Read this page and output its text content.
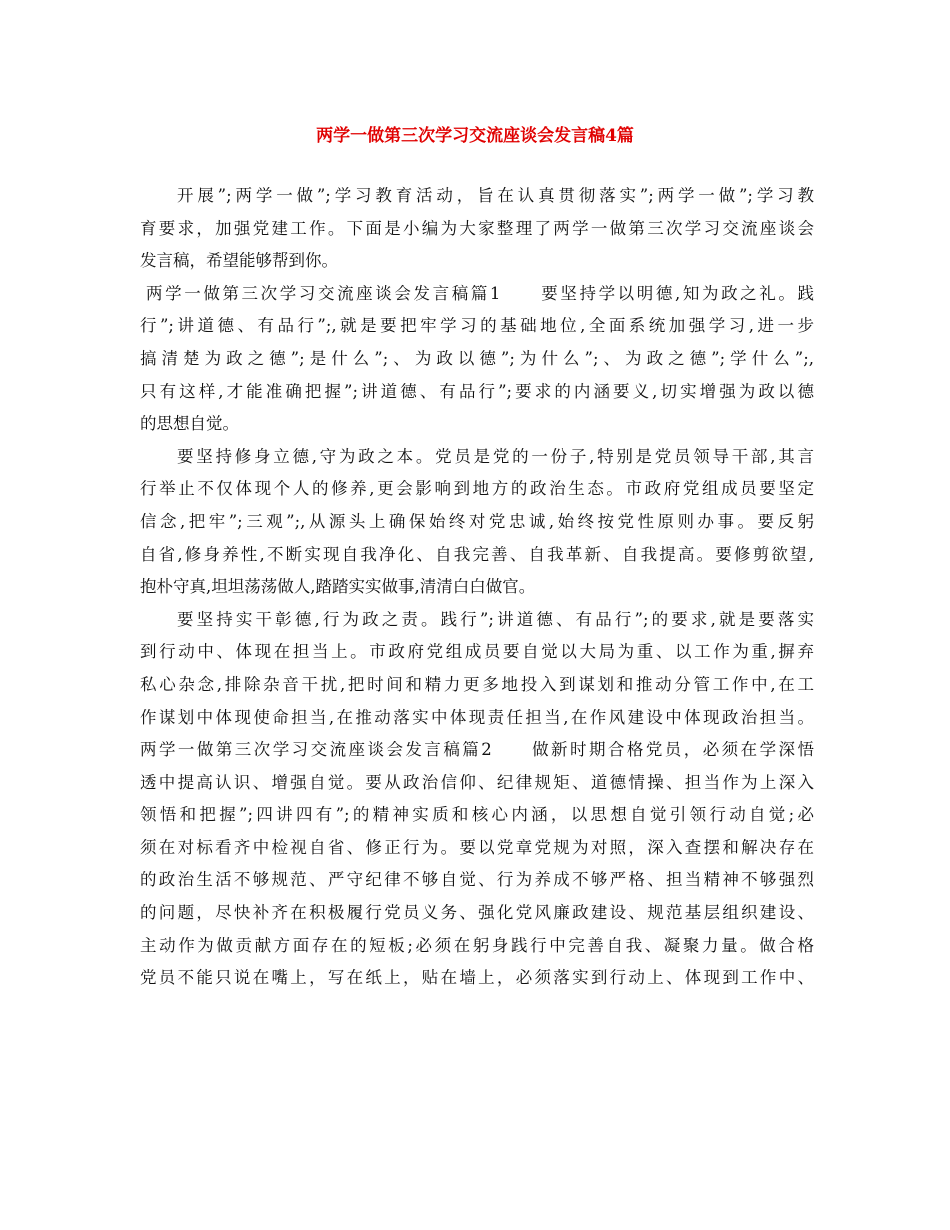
两学一做第三次学习交流座谈会发言稿4篇
开展”;两学一做”;学习教育活动，旨在认真贯彻落实”;两学一做”;学习教
育要求，加强党建工作。下面是小编为大家整理了两学一做第三次学习交流座谈会
发言稿，希望能够帮到你。
两学一做第三次学习交流座谈会发言稿篇1　　要坚持学以明德,知为政之礼。践
行”;讲道德、有品行”;,就是要把牢学习的基础地位,全面系统加强学习,进一步
搞清楚为政之德”;是什么”;、为政以德”;为什么”;、为政之德”;学什么”;,
只有这样,才能准确把握”;讲道德、有品行”;要求的内涵要义,切实增强为政以德
的思想自觉。
要坚持修身立德,守为政之本。党员是党的一份子,特别是党员领导干部,其言
行举止不仅体现个人的修养,更会影响到地方的政治生态。市政府党组成员要坚定
信念,把牢”;三观”;,从源头上确保始终对党忠诚,始终按党性原则办事。要反躬
自省,修身养性,不断实现自我净化、自我完善、自我革新、自我提高。要修剪欲望,
抱朴守真,坦坦荡荡做人,踏踏实实做事,清清白白做官。
要坚持实干彰德,行为政之责。践行”;讲道德、有品行”;的要求,就是要落实
到行动中、体现在担当上。市政府党组成员要自觉以大局为重、以工作为重,摒弃
私心杂念,排除杂音干扰,把时间和精力更多地投入到谋划和推动分管工作中,在工
作谋划中体现使命担当,在推动落实中体现责任担当,在作风建设中体现政治担当。
两学一做第三次学习交流座谈会发言稿篇2　　做新时期合格党员，必须在学深悟
透中提高认识、增强自觉。要从政治信仰、纪律规矩、道德情操、担当作为上深入
领悟和把握”;四讲四有”;的精神实质和核心内涵，以思想自觉引领行动自觉;必
须在对标看齐中检视自省、修正行为。要以党章党规为对照，深入查摆和解决存在
的政治生活不够规范、严守纪律不够自觉、行为养成不够严格、担当精神不够强烈
的问题，尽快补齐在积极履行党员义务、强化党风廉政建设、规范基层组织建设、
主动作为做贡献方面存在的短板;必须在躬身践行中完善自我、凝聚力量。做合格
党员不能只说在嘴上，写在纸上，贴在墙上，必须落实到行动上、体现到工作中、
